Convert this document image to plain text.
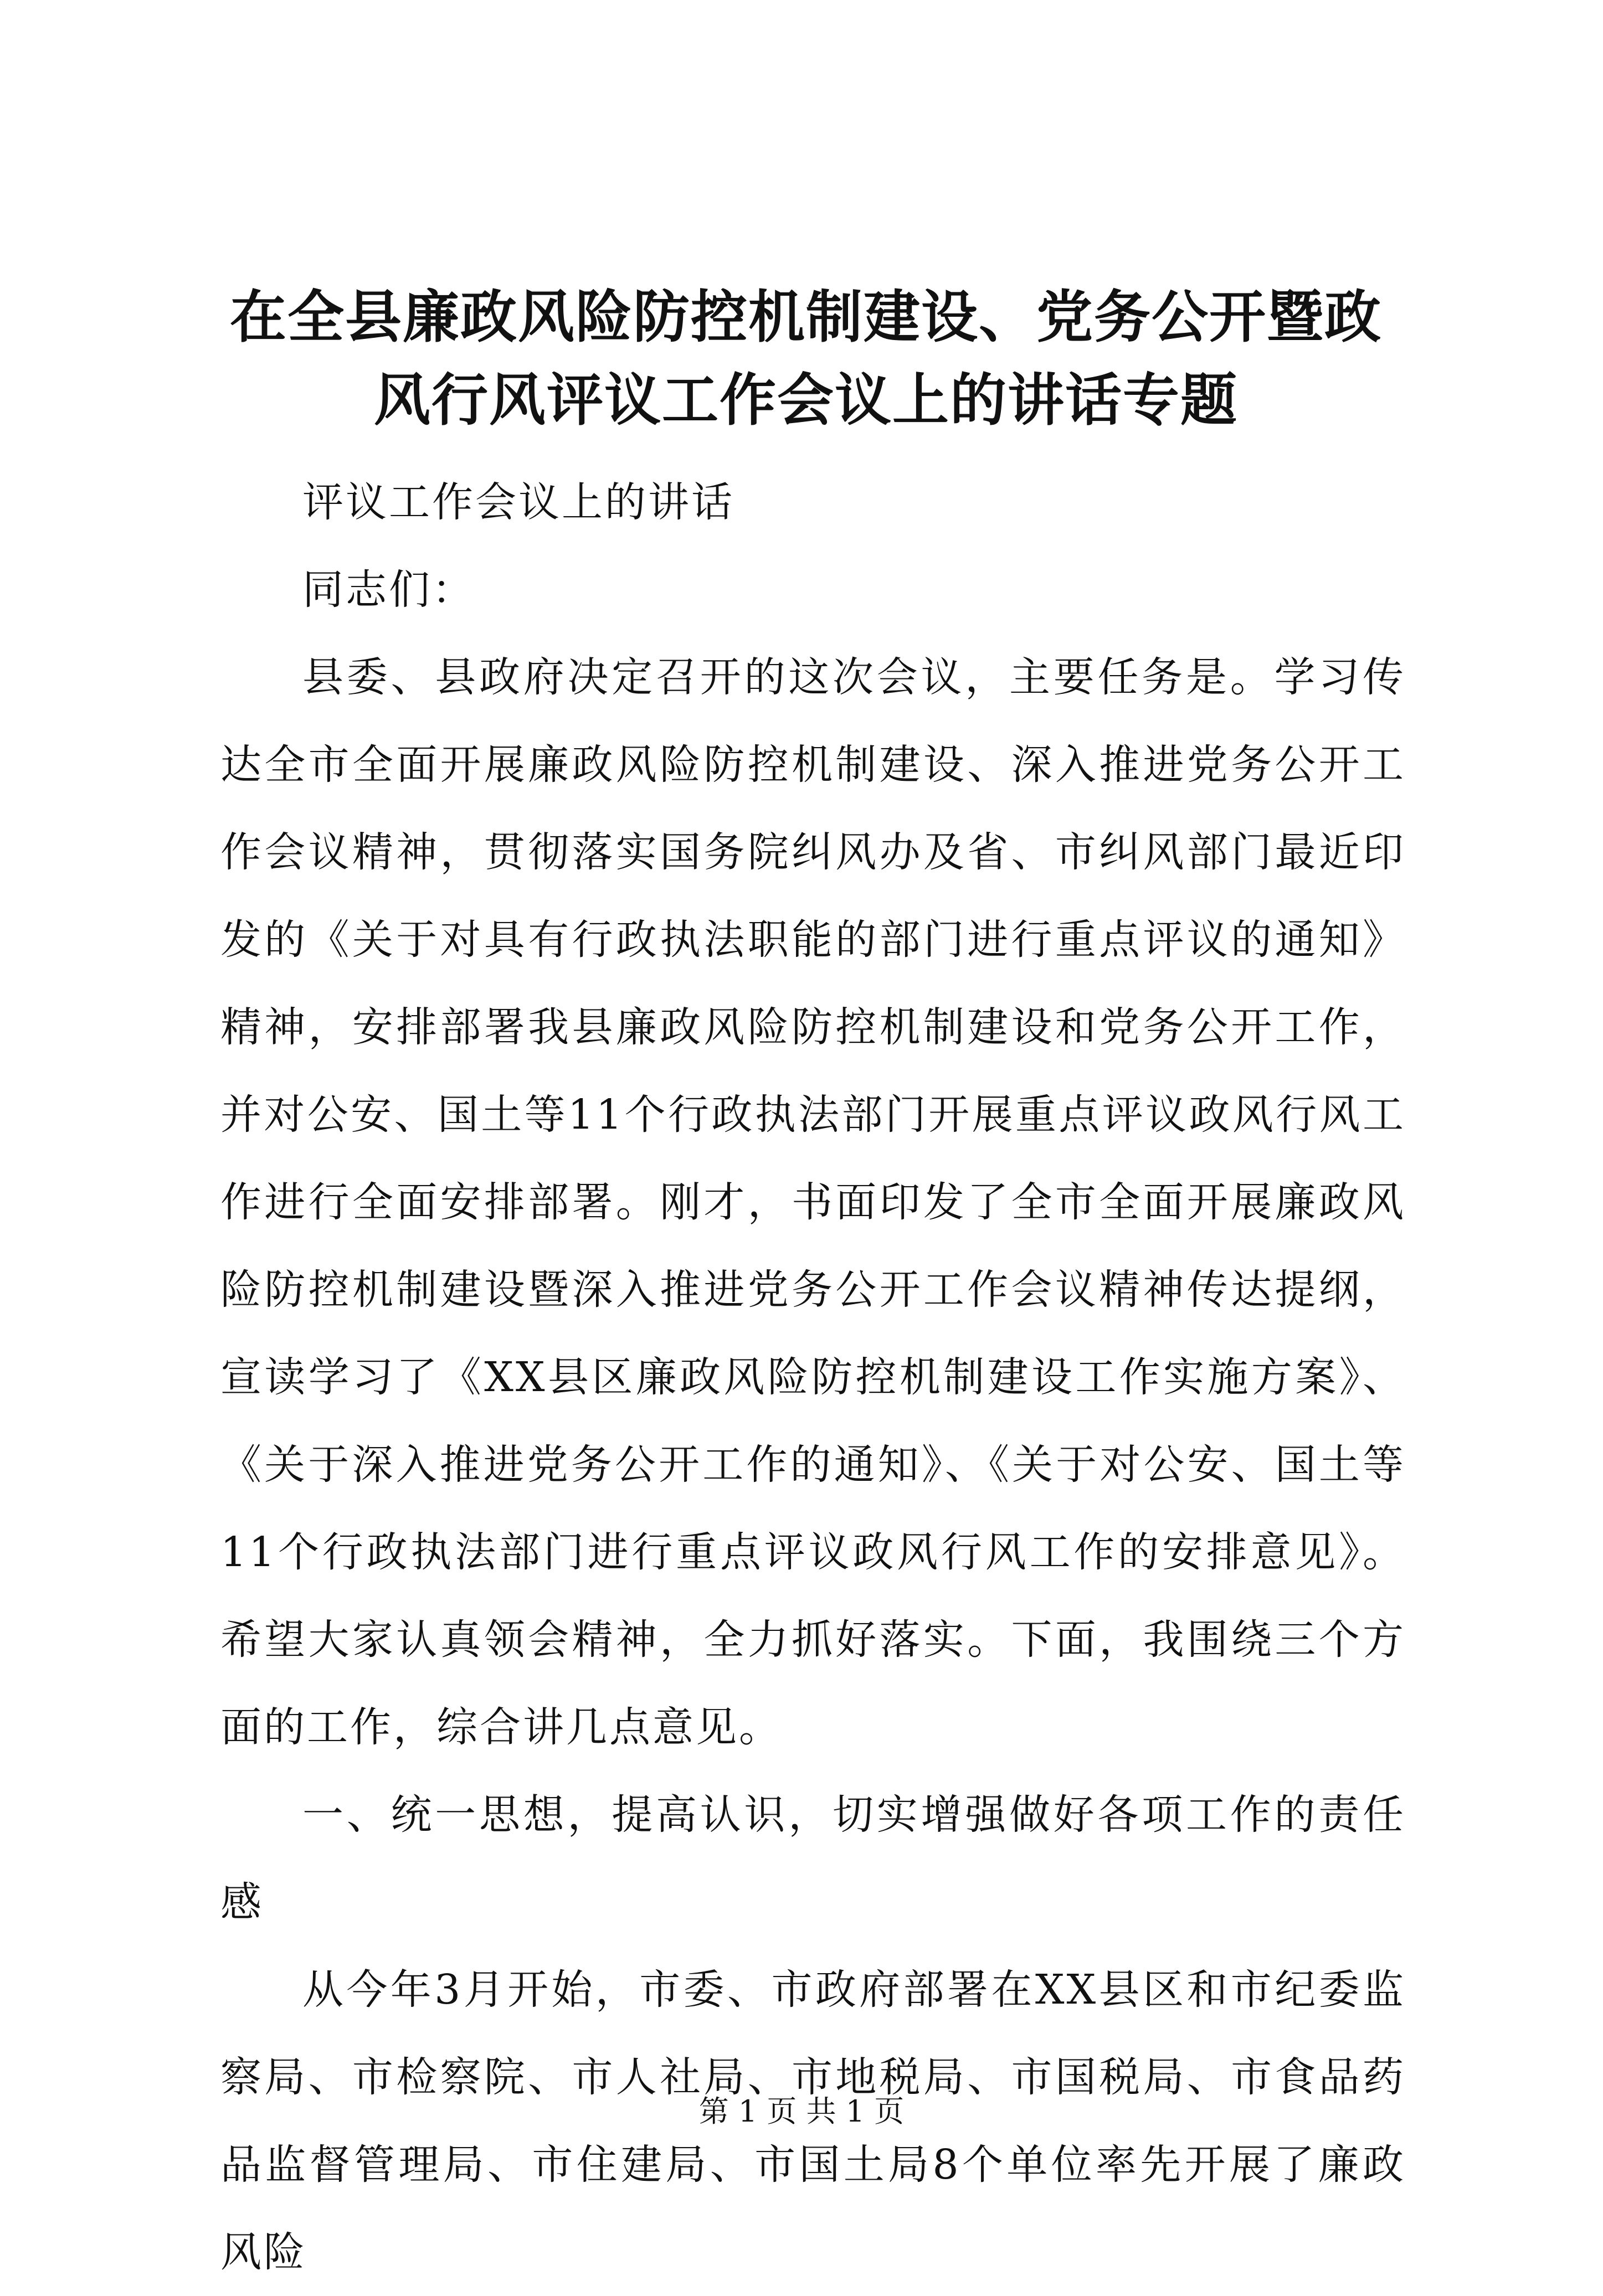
在全县廉政风险防控机制建设、党务公开暨政
风行风评议工作会议上的讲话专题

评议工作会议上的讲话

同志们：

县委、县政府决定召开的这次会议，主要任务是。学习传达全市全面开展廉政风险防控机制建设、深入推进党务公开工作会议精神，贯彻落实国务院纠风办及省、市纠风部门最近印发的《关于对具有行政执法职能的部门进行重点评议的通知》精神，安排部署我县廉政风险防控机制建设和党务公开工作，并对公安、国土等11个行政执法部门开展重点评议政风行风工作进行全面安排部署。刚才，书面印发了全市全面开展廉政风险防控机制建设暨深入推进党务公开工作会议精神传达提纲，宣读学习了《XX县区廉政风险防控机制建设工作实施方案》、《关于深入推进党务公开工作的通知》、《关于对公安、国土等11个行政执法部门进行重点评议政风行风工作的安排意见》。希望大家认真领会精神，全力抓好落实。下面，我围绕三个方面的工作，综合讲几点意见。

一、统一思想，提高认识，切实增强做好各项工作的责任感

从今年3月开始，市委、市政府部署在XX县区和市纪委监察局、市检察院、市人社局、市地税局、市国税局、市食品药品监督管理局、市住建局、市国土局8个单位率先开展了廉政风险

第 1 页 共 1 页
